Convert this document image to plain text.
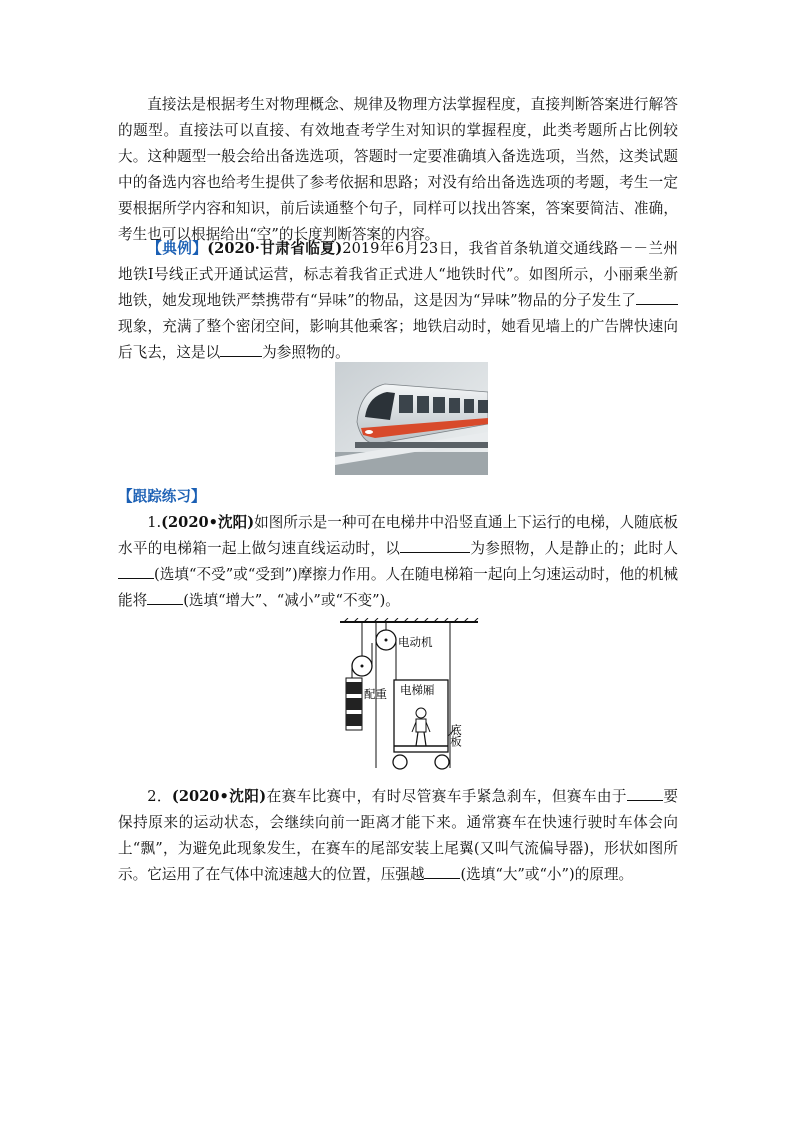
直接法是根据考生对物理概念、规律及物理方法掌握程度，直接判断答案进行解答的题型。直接法可以直接、有效地查考学生对知识的掌握程度，此类考题所占比例较大。这种题型一般会给出备选选项，答题时一定要准确填入备选选项，当然，这类试题中的备选内容也给考生提供了参考依据和思路；对没有给出备选选项的考题，考生一定要根据所学内容和知识，前后读通整个句子，同样可以找出答案，答案要简洁、准确，考生也可以根据给出“空”的长度判断答案的内容。

【典例】(2020·甘肃省临夏)2019年6月23日，我省首条轨道交通线路－－兰州地铁Ⅰ号线正式开通试运营，标志着我省正式进人“地铁时代”。如图所示，小丽乘坐新地铁，她发现地铁严禁携带有“异味”的物品，这是因为“异味”物品的分子发生了现象，充满了整个密闭空间，影响其他乘客；地铁启动时，她看见墙上的广告牌快速向后飞去，这是以	为参照物的。

【跟踪练习】

1.(2020•沈阳)如图所示是一种可在电梯井中沿竖直通上下运行的电梯，人随底板水平的电梯箱一起上做匀速直线运动时，以	为参照物，人是静止的；此时人(选填“不受”或“受到”)摩擦力作用。人在随电梯箱一起向上匀速运动时，他的机械能将 (选填“增大”、“减小”或“不变”)。

电动机
配重 电梯厢
底板

2．(2020•沈阳)在赛车比赛中，有时尽管赛车手紧急刹车，但赛车由于 要保持原来的运动状态，会继续向前一距离才能下来。通常赛车在快速行驶时车体会向上“飘”，为避免此现象发生，在赛车的尾部安装上尾翼(又叫气流偏导器)，形状如图所示。它运用了在气体中流速越大的位置，压强越 (选填“大”或“小”)的原理。
